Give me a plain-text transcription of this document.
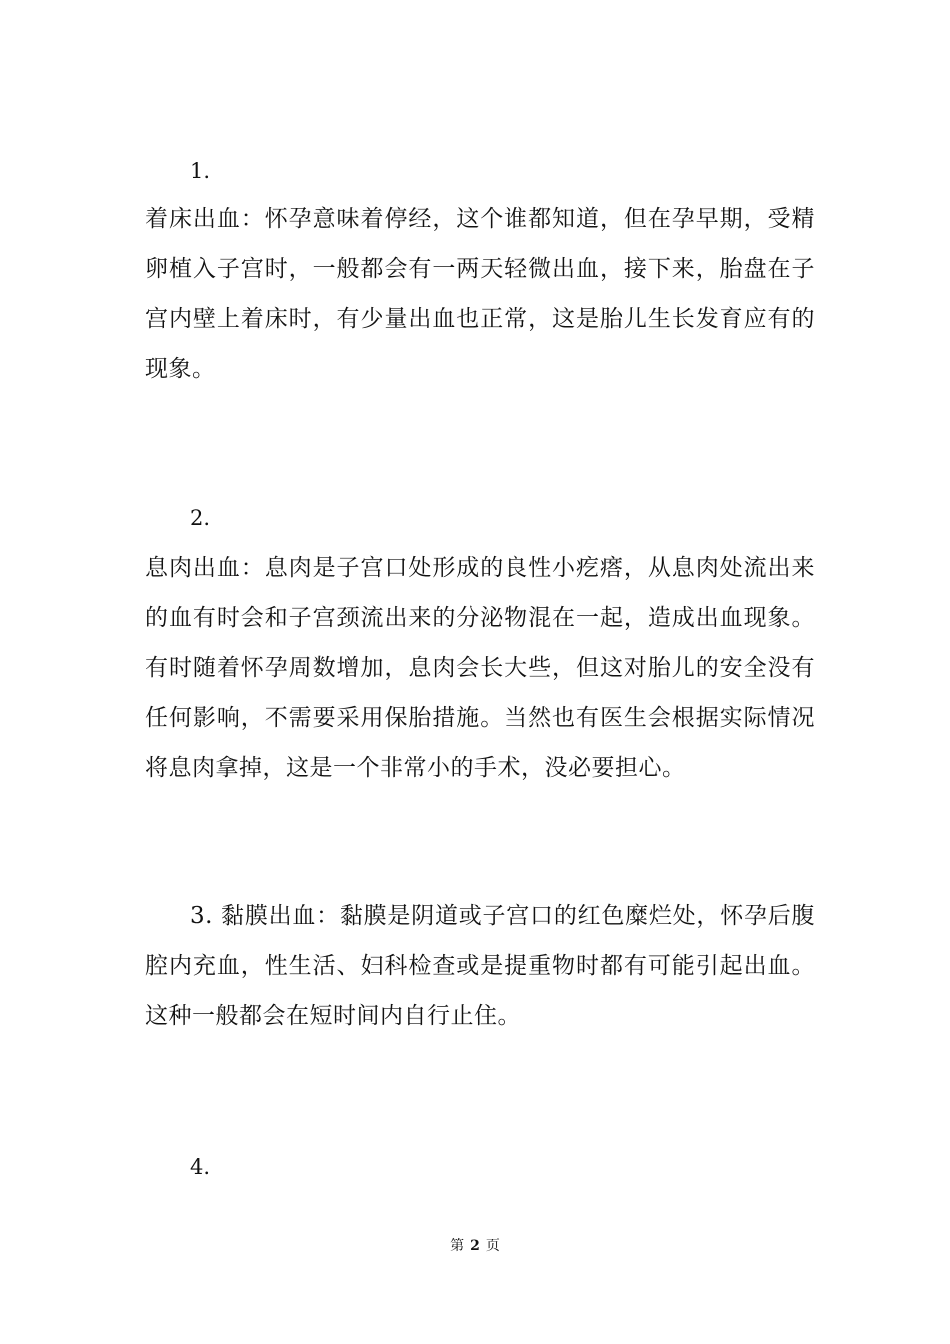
1.
着床出血：怀孕意味着停经，这个谁都知道，但在孕早期，受精卵植入子宫时，一般都会有一两天轻微出血，接下来，胎盘在子宫内壁上着床时，有少量出血也正常，这是胎儿生长发育应有的现象。
2.
息肉出血：息肉是子宫口处形成的良性小疙瘩，从息肉处流出来的血有时会和子宫颈流出来的分泌物混在一起，造成出血现象。有时随着怀孕周数增加，息肉会长大些，但这对胎儿的安全没有任何影响，不需要采用保胎措施。当然也有医生会根据实际情况将息肉拿掉，这是一个非常小的手术，没必要担心。
3. 黏膜出血：黏膜是阴道或子宫口的红色糜烂处，怀孕后腹腔内充血，性生活、妇科检查或是提重物时都有可能引起出血。这种一般都会在短时间内自行止住。
4.
第 2 页
